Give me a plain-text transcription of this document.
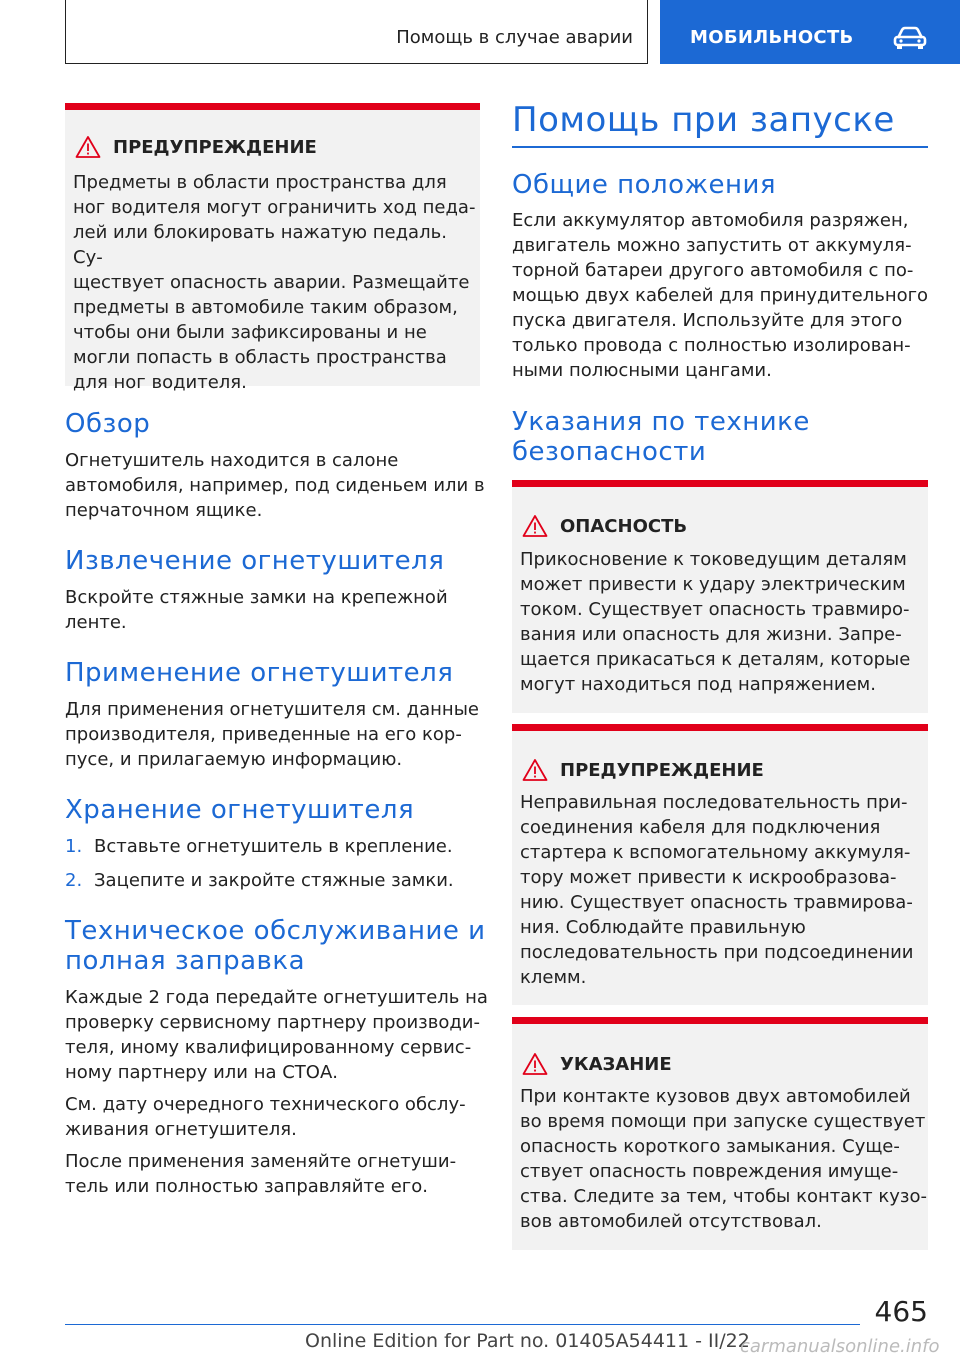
Помощь в случае аварии	МОБИЛЬНОСТЬ
ПРЕДУПРЕЖДЕНИЕ
Предметы в области пространства для
ног водителя могут ограничить ход педа-
лей или блокировать нажатую педаль. Су-
ществует опасность аварии. Размещайте
предметы в автомобиле таким образом,
чтобы они были зафиксированы и не
могли попасть в область пространства
для ног водителя.
Обзор
Огнетушитель находится в салоне
автомобиля, например, под сиденьем или в
перчаточном ящике.
Извлечение огнетушителя
Вскройте стяжные замки на крепежной
ленте.
Применение огнетушителя
Для применения огнетушителя см. данные
производителя, приведенные на его кор-
пусе, и прилагаемую информацию.
Хранение огнетушителя
1. Вставьте огнетушитель в крепление.
2. Зацепите и закройте стяжные замки.
Техническое обслуживание и
полная заправка
Каждые 2 года передайте огнетушитель на
проверку сервисному партнеру производи-
теля, иному квалифицированному сервис-
ному партнеру или на СТОА.
См. дату очередного технического обслу-
живания огнетушителя.
После применения заменяйте огнетуши-
тель или полностью заправляйте его.
Помощь при запуске
Общие положения
Если аккумулятор автомобиля разряжен,
двигатель можно запустить от аккумуля-
торной батареи другого автомобиля с по-
мощью двух кабелей для принудительного
пуска двигателя. Используйте для этого
только провода с полностью изолирован-
ными полюсными цангами.
Указания по технике
безопасности
ОПАСНОСТЬ
Прикосновение к токоведущим деталям
может привести к удару электрическим
током. Существует опасность травмиро-
вания или опасность для жизни. Запре-
щается прикасаться к деталям, которые
могут находиться под напряжением.
ПРЕДУПРЕЖДЕНИЕ
Неправильная последовательность при-
соединения кабеля для подключения
стартера к вспомогательному аккумуля-
тору может привести к искрообразова-
нию. Существует опасность травмирова-
ния. Соблюдайте правильную
последовательность при подсоединении
клемм.
УКАЗАНИЕ
При контакте кузовов двух автомобилей
во время помощи при запуске существует
опасность короткого замыкания. Суще-
ствует опасность повреждения имуще-
ства. Следите за тем, чтобы контакт кузо-
вов автомобилей отсутствовал.
465
Online Edition for Part no. 01405A54411 - II/22
carmanualsonline.info
